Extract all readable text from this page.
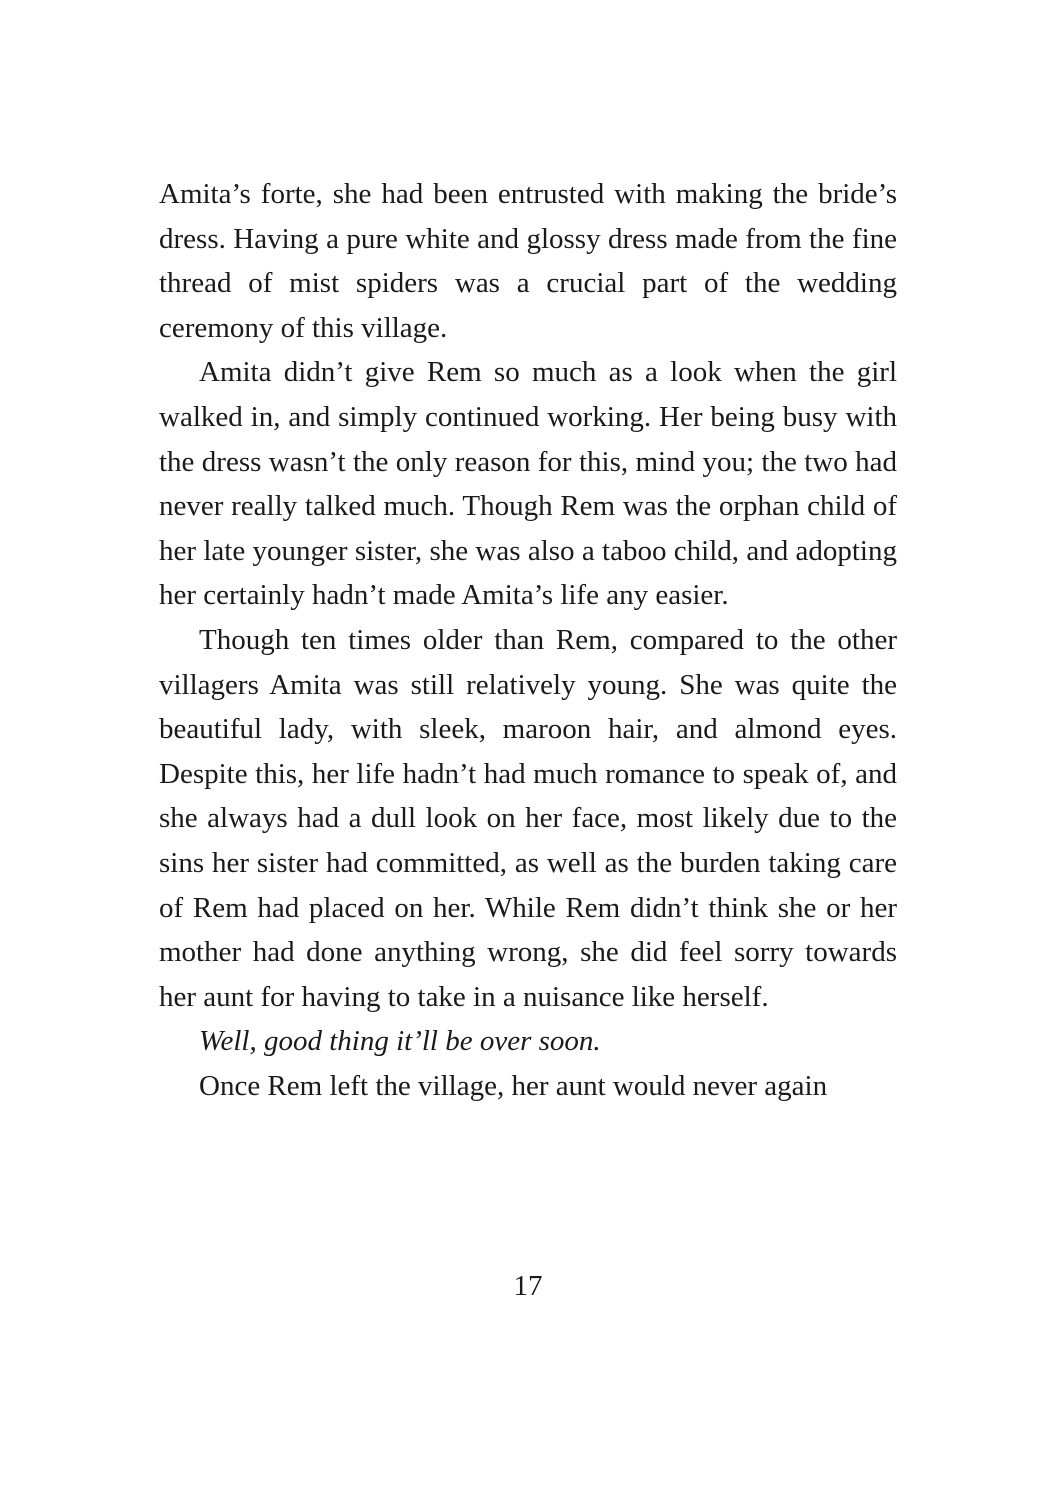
Amita’s forte, she had been entrusted with making the bride’s dress. Having a pure white and glossy dress made from the fine thread of mist spiders was a crucial part of the wedding ceremony of this village.

Amita didn’t give Rem so much as a look when the girl walked in, and simply continued working. Her being busy with the dress wasn’t the only reason for this, mind you; the two had never really talked much. Though Rem was the orphan child of her late younger sister, she was also a taboo child, and adopting her certainly hadn’t made Amita’s life any easier.

Though ten times older than Rem, compared to the other villagers Amita was still relatively young. She was quite the beautiful lady, with sleek, maroon hair, and almond eyes. Despite this, her life hadn’t had much romance to speak of, and she always had a dull look on her face, most likely due to the sins her sister had committed, as well as the burden taking care of Rem had placed on her. While Rem didn’t think she or her mother had done anything wrong, she did feel sorry towards her aunt for having to take in a nuisance like herself.

Well, good thing it’ll be over soon.

Once Rem left the village, her aunt would never again

17
